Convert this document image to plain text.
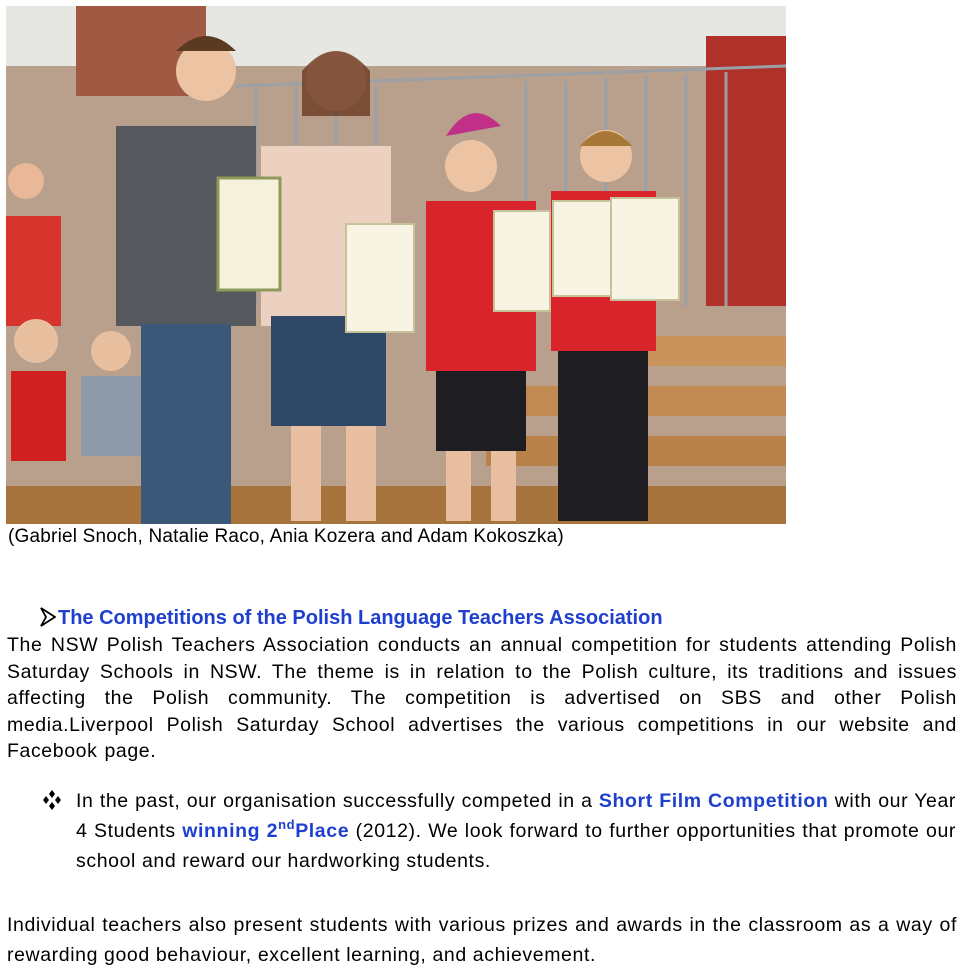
(Gabriel Snoch, Natalie Raco, Ania Kozera and Adam Kokoszka)
The Competitions of the Polish Language Teachers Association
The NSW Polish Teachers Association conducts an annual competition for students attending Polish Saturday Schools in NSW. The theme is in relation to the Polish culture, its traditions and issues affecting the Polish community. The competition is advertised on SBS and other Polish media.Liverpool Polish Saturday School advertises the various competitions in our website and Facebook page.
In the past, our organisation successfully competed in a Short Film Competition with our Year 4 Students winning 2ndPlace (2012). We look forward to further opportunities that promote our school and reward our hardworking students.
Individual teachers also present students with various prizes and awards in the classroom as a way of rewarding good behaviour, excellent learning, and achievement.
